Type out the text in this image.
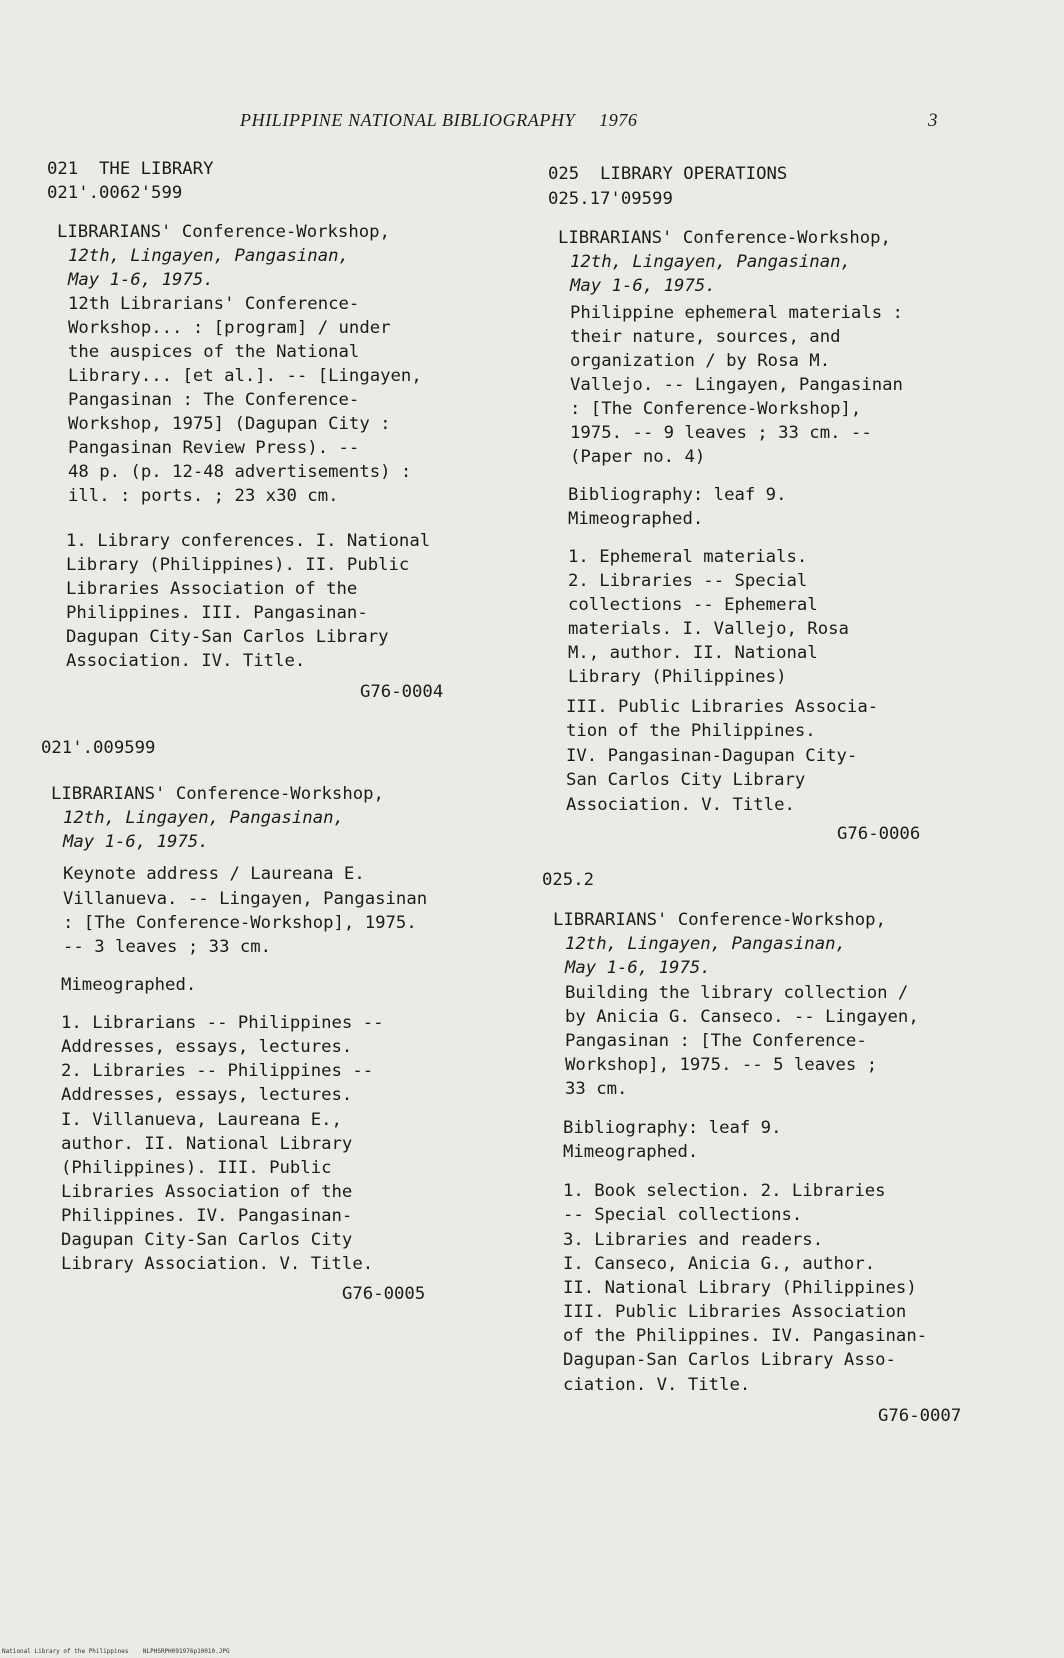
PHILIPPINE NATIONAL BIBLIOGRAPHY 1976	3
021  THE LIBRARY
021'.0062'599
LIBRARIANS' Conference-Workshop,
12th, Lingayen, Pangasinan,
May 1-6, 1975.
12th Librarians' Conference-
Workshop... : [program] / under
the auspices of the National
Library... [et al.]. -- [Lingayen,
Pangasinan : The Conference-
Workshop, 1975] (Dagupan City :
Pangasinan Review Press). --
48 p. (p. 12-48 advertisements) :
ill. : ports. ; 23 x30 cm.
1. Library conferences. I. National
Library (Philippines). II. Public
Libraries Association of the
Philippines. III. Pangasinan-
Dagupan City-San Carlos Library
Association. IV. Title.
G76-0004
021'.009599
LIBRARIANS' Conference-Workshop,
12th, Lingayen, Pangasinan,
May 1-6, 1975.
Keynote address / Laureana E.
Villanueva. -- Lingayen, Pangasinan
: [The Conference-Workshop], 1975.
-- 3 leaves ; 33 cm.
Mimeographed.
1. Librarians -- Philippines --
Addresses, essays, lectures.
2. Libraries -- Philippines --
Addresses, essays, lectures.
I. Villanueva, Laureana E.,
author. II. National Library
(Philippines). III. Public
Libraries Association of the
Philippines. IV. Pangasinan-
Dagupan City-San Carlos City
Library Association. V. Title.
G76-0005
025  LIBRARY OPERATIONS
025.17'09599
LIBRARIANS' Conference-Workshop,
12th, Lingayen, Pangasinan,
May 1-6, 1975.
Philippine ephemeral materials :
their nature, sources, and
organization / by Rosa M.
Vallejo. -- Lingayen, Pangasinan
: [The Conference-Workshop],
1975. -- 9 leaves ; 33 cm. --
(Paper no. 4)
Bibliography: leaf 9.
Mimeographed.
1. Ephemeral materials.
2. Libraries -- Special
collections -- Ephemeral
materials. I. Vallejo, Rosa
M., author. II. National
Library (Philippines)
III. Public Libraries Associa-
tion of the Philippines.
IV. Pangasinan-Dagupan City-
San Carlos City Library
Association. V. Title.
G76-0006
025.2
LIBRARIANS' Conference-Workshop,
12th, Lingayen, Pangasinan,
May 1-6, 1975.
Building the library collection /
by Anicia G. Canseco. -- Lingayen,
Pangasinan : [The Conference-
Workshop], 1975. -- 5 leaves ;
33 cm.
Bibliography: leaf 9.
Mimeographed.
1. Book selection. 2. Libraries
-- Special collections.
3. Libraries and readers.
I. Canseco, Anicia G., author.
II. National Library (Philippines)
III. Public Libraries Association
of the Philippines. IV. Pangasinan-
Dagupan-San Carlos Library Asso-
ciation. V. Title.
G76-0007
National Library of the Philippines    NLPHSRPH091976p10010.JPG
